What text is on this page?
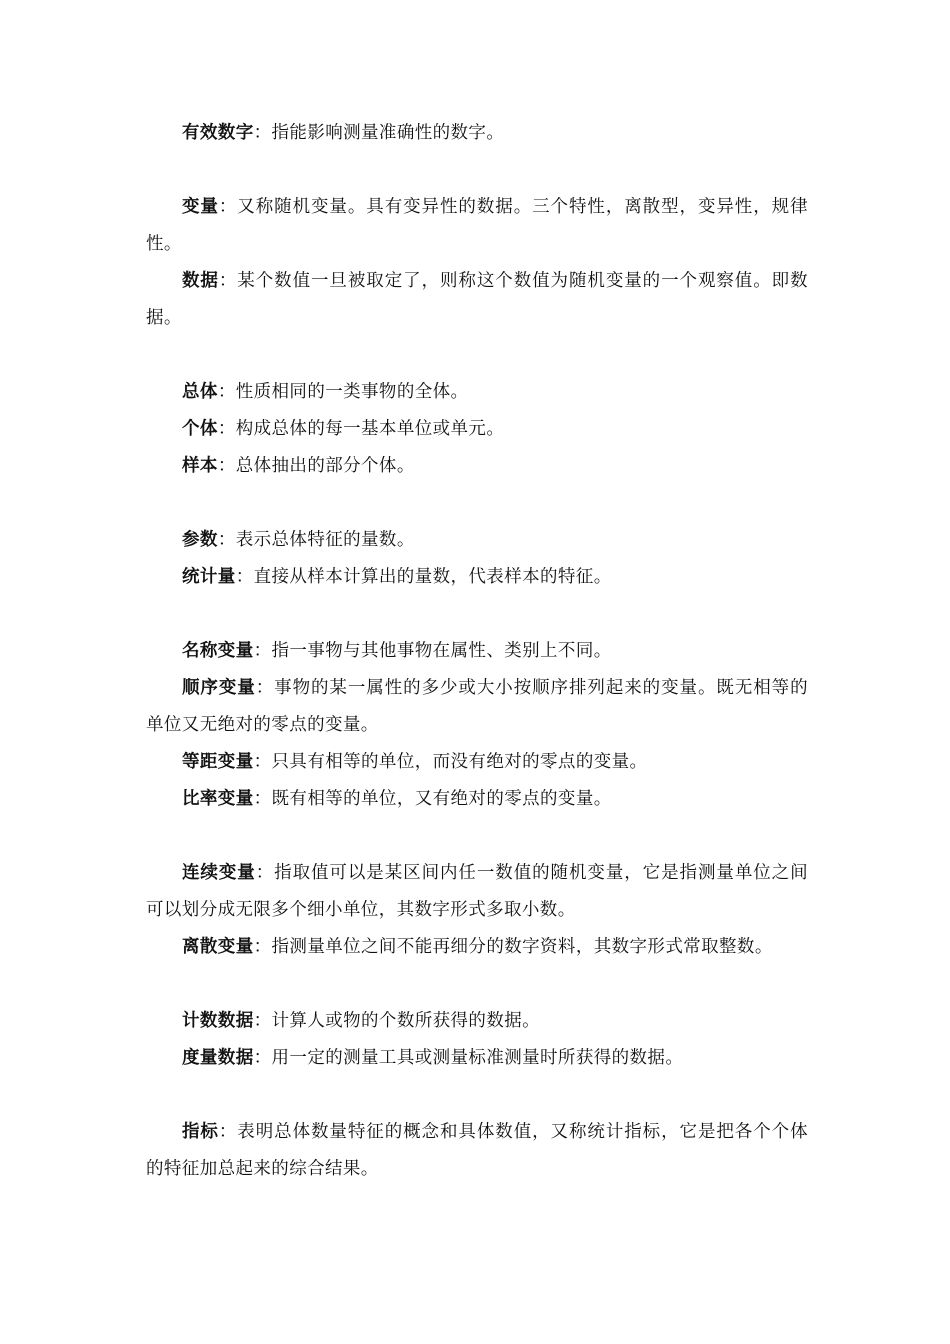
有效数字：指能影响测量准确性的数字。

变量：又称随机变量。具有变异性的数据。三个特性，离散型，变异性，规律性。

数据：某个数值一旦被取定了，则称这个数值为随机变量的一个观察值。即数据。

总体：性质相同的一类事物的全体。

个体：构成总体的每一基本单位或单元。

样本：总体抽出的部分个体。

参数：表示总体特征的量数。

统计量：直接从样本计算出的量数，代表样本的特征。

名称变量：指一事物与其他事物在属性、类别上不同。

顺序变量：事物的某一属性的多少或大小按顺序排列起来的变量。既无相等的单位又无绝对的零点的变量。

等距变量：只具有相等的单位，而没有绝对的零点的变量。

比率变量：既有相等的单位，又有绝对的零点的变量。

连续变量：指取值可以是某区间内任一数值的随机变量，它是指测量单位之间可以划分成无限多个细小单位，其数字形式多取小数。

离散变量：指测量单位之间不能再细分的数字资料，其数字形式常取整数。

计数数据：计算人或物的个数所获得的数据。

度量数据：用一定的测量工具或测量标准测量时所获得的数据。

指标：表明总体数量特征的概念和具体数值，又称统计指标，它是把各个个体的特征加总起来的综合结果。
